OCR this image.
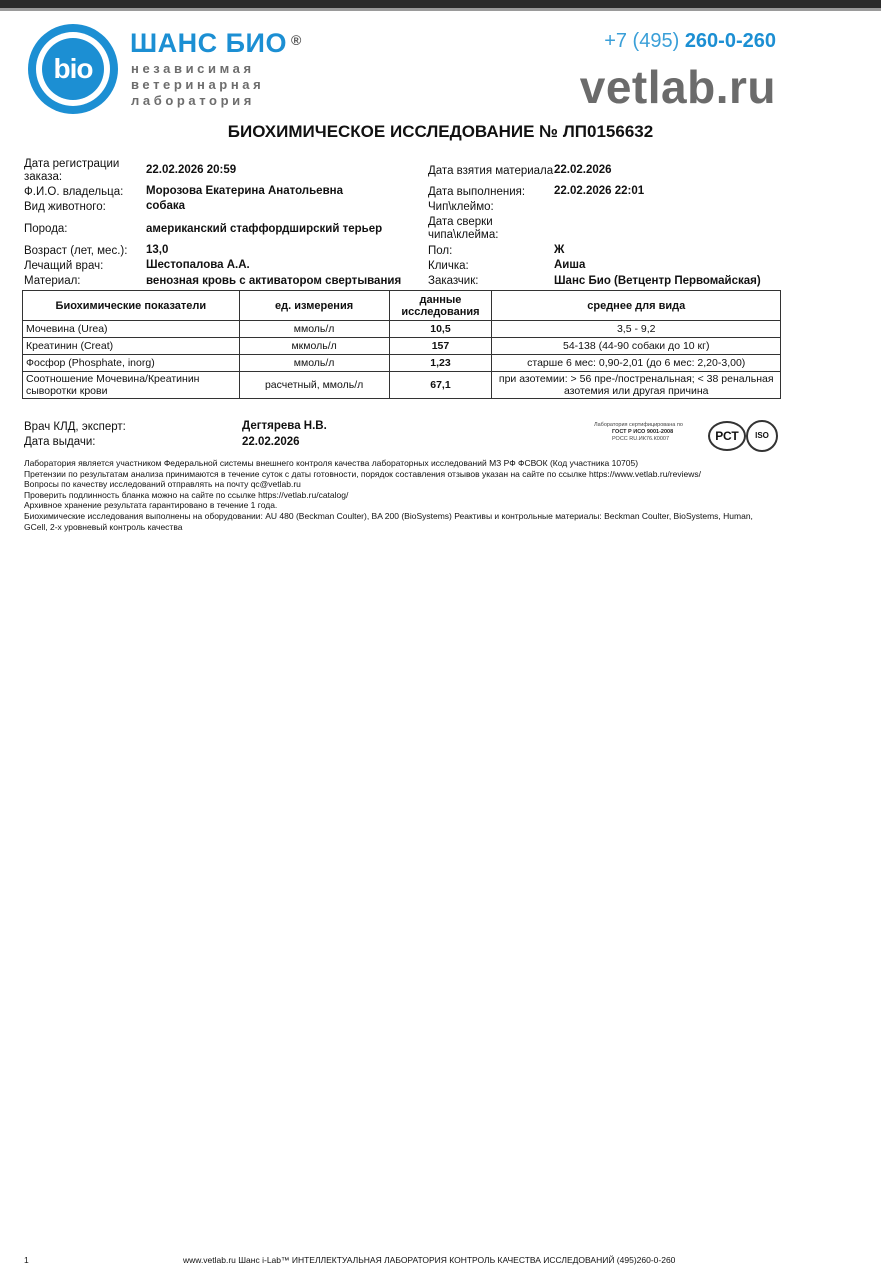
bio
ШАНС БИО ®
независимая
ветеринарная
лаборатория
+7 (495) 260-0-260
vetlab.ru
БИОХИМИЧЕСКОЕ ИССЛЕДОВАНИЕ № ЛП0156632
Дата регистрации заказа:
22.02.2026 20:59
Ф.И.О. владельца: Морозова Екатерина Анатольевна
Вид животного:	собака
Порода:	американский стаффордширский терьер
Возраст (лет, мес.): 13,0
Лечащий врач:	Шестопалова А.А.
Материал:	венозная кровь с активатором свертывания
Дата взятия материала 22.02.2026
Дата выполнения:	22.02.2026 22:01
Чип\клеймо:
Дата сверки чипа\клейма:
Пол:	Ж
Кличка:	Аиша
Заказчик:	Шанс Био (Ветцентр Первомайская)
Биохимические показатели	ед. измерения	данные исследования	среднее для вида
Мочевина (Urea)	ммоль/л	10,5	3,5 - 9,2
Креатинин (Creat)	мкмоль/л	157	54-138 (44-90 собаки до 10 кг)
Фосфор (Phosphate, inorg)	ммоль/л	1,23	старше 6 мес: 0,90-2,01 (до 6 мес: 2,20-3,00)
Соотношение Мочевина/Креатинин сыворотки крови	расчетный, ммоль/л	67,1	при азотемии: > 56 пре-/постренальная; < 38 ренальная азотемия или другая причина
Врач КЛД, эксперт:	Дегтярева Н.В.
Дата выдачи:	22.02.2026
Лаборатория сертифицирована по
ГОСТ Р ИСО 9001-2008
РОСС RU.ИК76.К0007	РСТ	ISO
Лаборатория является участником Федеральной системы внешнего контроля качества лабораторных исследований МЗ РФ ФСВОК (Код участника 10705)
Претензии по результатам анализа принимаются в течение суток с даты готовности, порядок составления отзывов указан на сайте по ссылке https://www.vetlab.ru/reviews/
Вопросы по качеству исследований отправлять на почту qc@vetlab.ru
Проверить подлинность бланка можно на сайте по ссылке https://vetlab.ru/catalog/
Архивное хранение результата гарантировано в течение 1 года.
Биохимические исследования выполнены на оборудовании: AU 480 (Beckman Coulter), BA 200 (BioSystems) Реактивы и контрольные материалы: Beckman Coulter, BioSystems, Human, GCell, 2-х уровневый контроль качества
1	www.vetlab.ru Шанс i-Lab™ ИНТЕЛЛЕКТУАЛЬНАЯ ЛАБОРАТОРИЯ КОНТРОЛЬ КАЧЕСТВА ИССЛЕДОВАНИЙ (495)260-0-260
